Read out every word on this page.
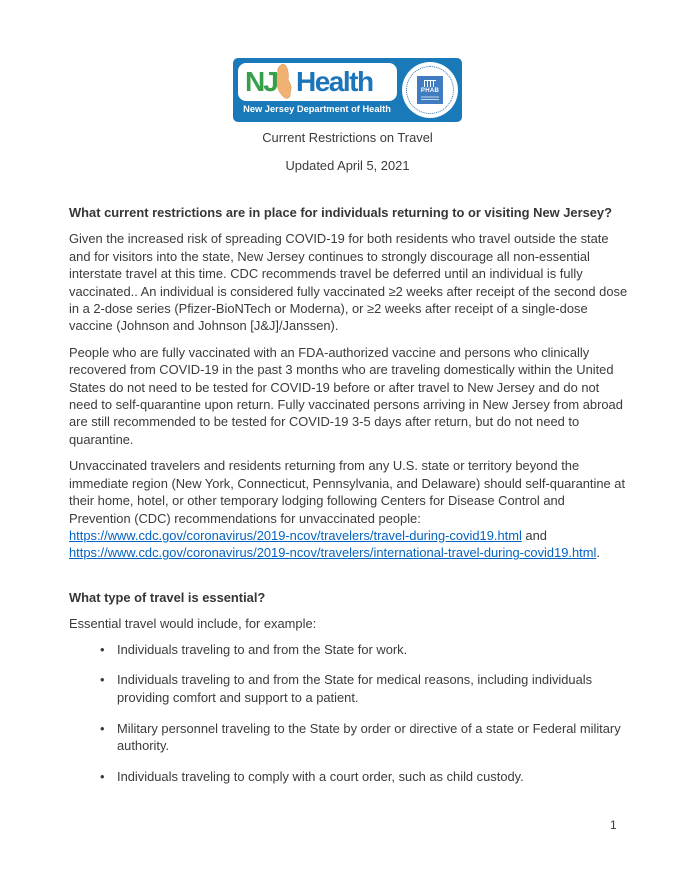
NJ Health
New Jersey Department of Health
PHAB

Current Restrictions on Travel

Updated April 5, 2021

What current restrictions are in place for individuals returning to or visiting New Jersey?

Given the increased risk of spreading COVID-19 for both residents who travel outside the state and for visitors into the state, New Jersey continues to strongly discourage all non-essential interstate travel at this time. CDC recommends travel be deferred until an individual is fully vaccinated.. An individual is considered fully vaccinated ≥2 weeks after receipt of the second dose in a 2-dose series (Pfizer-BioNTech or Moderna), or ≥2 weeks after receipt of a single-dose vaccine (Johnson and Johnson [J&J]/Janssen).

People who are fully vaccinated with an FDA-authorized vaccine and persons who clinically recovered from COVID-19 in the past 3 months who are traveling domestically within the United States do not need to be tested for COVID-19 before or after travel to New Jersey and do not need to self-quarantine upon return. Fully vaccinated persons arriving in New Jersey from abroad are still recommended to be tested for COVID-19 3-5 days after return, but do not need to quarantine.

Unvaccinated travelers and residents returning from any U.S. state or territory beyond the immediate region (New York, Connecticut, Pennsylvania, and Delaware) should self-quarantine at their home, hotel, or other temporary lodging following Centers for Disease Control and Prevention (CDC) recommendations for unvaccinated people: https://www.cdc.gov/coronavirus/2019-ncov/travelers/travel-during-covid19.html and https://www.cdc.gov/coronavirus/2019-ncov/travelers/international-travel-during-covid19.html.

What type of travel is essential?

Essential travel would include, for example:

• Individuals traveling to and from the State for work.
• Individuals traveling to and from the State for medical reasons, including individuals providing comfort and support to a patient.
• Military personnel traveling to the State by order or directive of a state or Federal military authority.
• Individuals traveling to comply with a court order, such as child custody.
1
